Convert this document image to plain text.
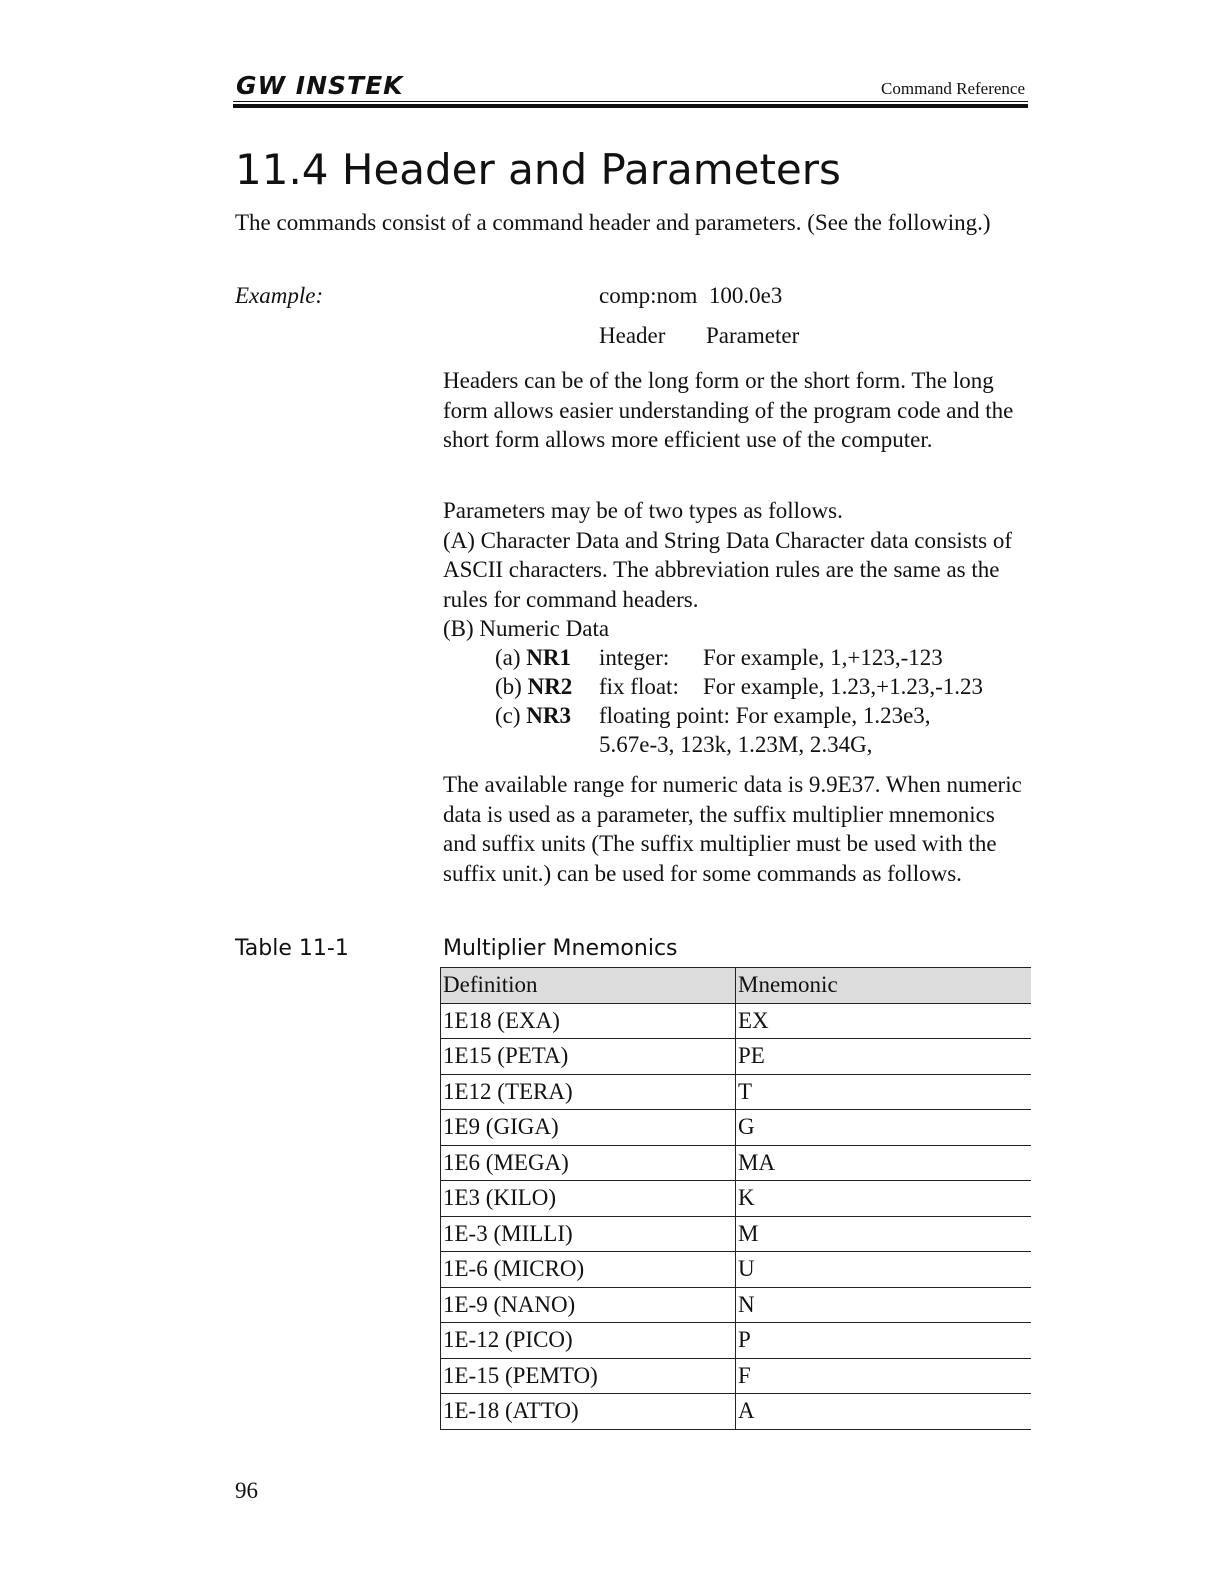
GW INSTEK	Command Reference
11.4 Header and Parameters

The commands consist of a command header and parameters. (See the following.)

Example:	comp:nom  100.0e3
Header Parameter

Headers can be of the long form or the short form. The long form allows easier understanding of the program code and the short form allows more efficient use of the computer.

Parameters may be of two types as follows.
(A) Character Data and String Data Character data consists of ASCII characters. The abbreviation rules are the same as the rules for command headers.
(B) Numeric Data
(a) NR1 integer: For example, 1,+123,-123
(b) NR2 fix float: For example, 1.23,+1.23,-1.23
(c) NR3 floating point: For example, 1.23e3,
5.67e-3, 123k, 1.23M, 2.34G,

The available range for numeric data is 9.9E37. When numeric data is used as a parameter, the suffix multiplier mnemonics and suffix units (The suffix multiplier must be used with the suffix unit.) can be used for some commands as follows.

Table 11-1	Multiplier Mnemonics
Definition	Mnemonic
1E18 (EXA)	EX
1E15 (PETA)	PE
1E12 (TERA)	T
1E9 (GIGA)	G
1E6 (MEGA)	MA
1E3 (KILO)	K
1E-3 (MILLI)	M
1E-6 (MICRO)	U
1E-9 (NANO)	N
1E-12 (PICO)	P
1E-15 (PEMTO)	F
1E-18 (ATTO)	A
96
